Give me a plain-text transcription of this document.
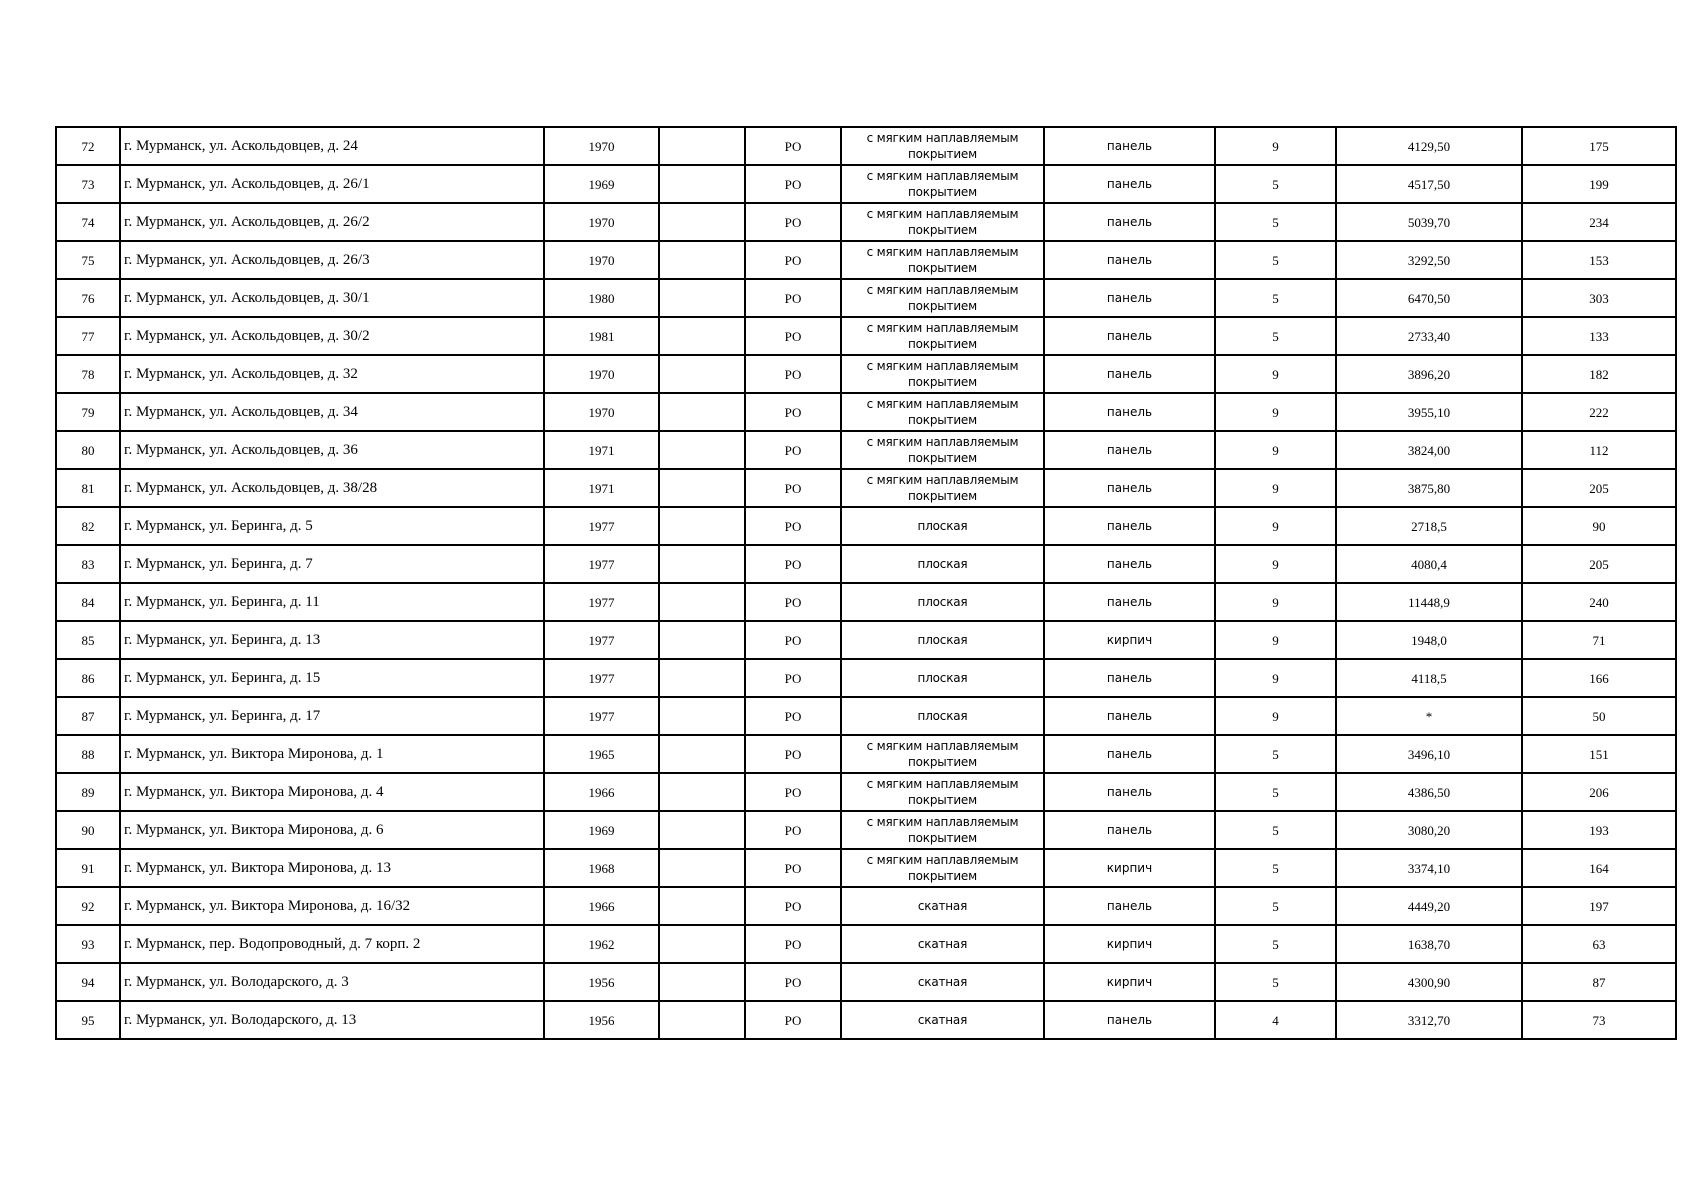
72	г. Мурманск, ул. Аскольдовцев, д. 24	1970		РО	с мягким наплавляемым покрытием	панель	9	4129,50	175
73	г. Мурманск, ул. Аскольдовцев, д. 26/1	1969		РО	с мягким наплавляемым покрытием	панель	5	4517,50	199
74	г. Мурманск, ул. Аскольдовцев, д. 26/2	1970		РО	с мягким наплавляемым покрытием	панель	5	5039,70	234
75	г. Мурманск, ул. Аскольдовцев, д. 26/3	1970		РО	с мягким наплавляемым покрытием	панель	5	3292,50	153
76	г. Мурманск, ул. Аскольдовцев, д. 30/1	1980		РО	с мягким наплавляемым покрытием	панель	5	6470,50	303
77	г. Мурманск, ул. Аскольдовцев, д. 30/2	1981		РО	с мягким наплавляемым покрытием	панель	5	2733,40	133
78	г. Мурманск, ул. Аскольдовцев, д. 32	1970		РО	с мягким наплавляемым покрытием	панель	9	3896,20	182
79	г. Мурманск, ул. Аскольдовцев, д. 34	1970		РО	с мягким наплавляемым покрытием	панель	9	3955,10	222
80	г. Мурманск, ул. Аскольдовцев, д. 36	1971		РО	с мягким наплавляемым покрытием	панель	9	3824,00	112
81	г. Мурманск, ул. Аскольдовцев, д. 38/28	1971		РО	с мягким наплавляемым покрытием	панель	9	3875,80	205
82	г. Мурманск, ул. Беринга, д. 5	1977		РО	плоская	панель	9	2718,5	90
83	г. Мурманск, ул. Беринга, д. 7	1977		РО	плоская	панель	9	4080,4	205
84	г. Мурманск, ул. Беринга, д. 11	1977		РО	плоская	панель	9	11448,9	240
85	г. Мурманск, ул. Беринга, д. 13	1977		РО	плоская	кирпич	9	1948,0	71
86	г. Мурманск, ул. Беринга, д. 15	1977		РО	плоская	панель	9	4118,5	166
87	г. Мурманск, ул. Беринга, д. 17	1977		РО	плоская	панель	9	*	50
88	г. Мурманск, ул. Виктора Миронова, д. 1	1965		РО	с мягким наплавляемым покрытием	панель	5	3496,10	151
89	г. Мурманск, ул. Виктора Миронова, д. 4	1966		РО	с мягким наплавляемым покрытием	панель	5	4386,50	206
90	г. Мурманск, ул. Виктора Миронова, д. 6	1969		РО	с мягким наплавляемым покрытием	панель	5	3080,20	193
91	г. Мурманск, ул. Виктора Миронова, д. 13	1968		РО	с мягким наплавляемым покрытием	кирпич	5	3374,10	164
92	г. Мурманск, ул. Виктора Миронова, д. 16/32	1966		РО	скатная	панель	5	4449,20	197
93	г. Мурманск, пер. Водопроводный, д. 7 корп. 2	1962		РО	скатная	кирпич	5	1638,70	63
94	г. Мурманск, ул. Володарского, д. 3	1956		РО	скатная	кирпич	5	4300,90	87
95	г. Мурманск, ул. Володарского, д. 13	1956		РО	скатная	панель	4	3312,70	73
